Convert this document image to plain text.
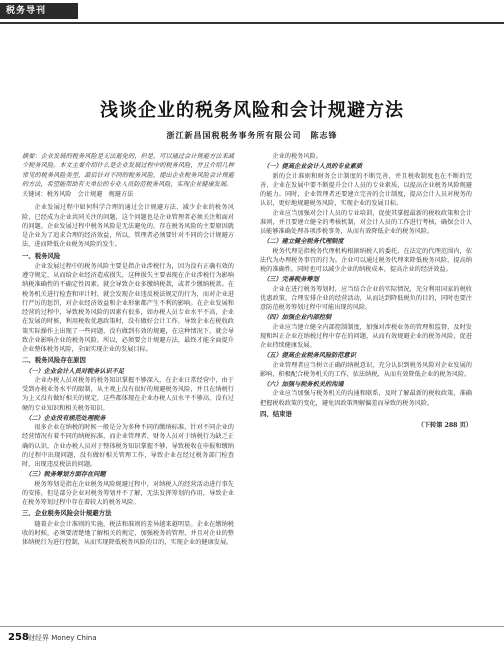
税务导刊
浅谈企业的税务风险和会计规避方法
浙江新昌国税税务事务所有限公司　陈志锋
摘要：企业发展的税务风险是无法避免的，但是，可以通过会计规避方法来减少税务风险。本文主要介绍什么是企业发展过程中的税务风险，并且介绍几种常见的税务风险类型，最后针对不同的税务风险，提出企业税务风险会计规避的方法，希望能帮助有关单位的专业人员防范税务风险，实现企业健康发展。
关键词：税务风险　会计规避　规避方法

企业发展过程中如何科学合理的通过会计规避方法、减少企业的税务风险，已经成为企业共同关注的问题，这个问题也是企业管理者必须关注和面对的问题。企业发展过程中税务风险是无法避免的，存在税务风险的主要原因就是企业为了追求合理的经济效益，所以，管理者必须要针对不同的会计规避方法，进而降低企业税务风险的发生。

一、税务风险

企业发展过程中的税务风险主要是指企业涉税行为，因为没有正确有效的遵守规定，从而给企业经济造成损失，这种损失主要表现在企业涉税行为影响纳税准确性的不确定性因素。就会导致企业多缴纳税款，或者少缴纳税款。在税务机关进行检查和审计时，就会发现企业违反税法规定的行为，而对企业进行严厉的惩罚，对企业经济效益和企业形象都产生不利的影响。在企业发展和经营的过程中，导致税务风险的因素有很多，如办税人员专业水平不高，企业在发展的时候，利用税收优惠政策时，没有做好会计工作，导致企业在税收政策实际操作上出现了一些问题，没有做到有效的规避，在这种情况下，就会导致企业影响企业的税务风险，所以，必须要会计规避方法，最终才能全面提升企业整体税务风险，全面实现企业的发展目标。

二、税务风险存在原因
（一）企业会计人员对税务认识不足

企业办税人员对税务的税务知识掌握不够深入，在企业日常经营中，由于受到办税业务水平的限制，从主观上没有很好的规避税务风险，并且在纳税行为上又没有做好相关的规定，这些都体现在企业办税人员水平不够高，没有过硬的专业知识和相关税务知识。

（二）企业没有规范处理税务

很多企业在纳税的时候一般是分为多种不同的缴纳标准，针对不同企业的经营情况有着不同的纳税标准，而企业管理者、财务人员对于纳税行为缺乏正确的认识，企业办税人员对于整体税务知识掌握不够，导致税收在申报和缴纳的过程中出现问题，没有做好相关管理工作，导致企业在经过税务部门检查时，出现违反税法的问题。

（三）税务筹划方面存在问题

税务筹划是指在企业税务风险规避过程中，对纳税人的经营活动进行事先的安排，但是部分企业对税务筹划并不了解，无法发挥筹划的作用，导致企业在税务筹划过程中存在着较大的税务风险。

三、企业税务风险会计规避方法

随着企业会计准则的实施，税法和准则的差异越来越明显。企业在缴纳税收的时候，必须要清楚地了解相关的规定，加强税务的管理，并且对企业的整体纳税行为进行控制，从而实现降低税务风险的目的，实现企业的健康发展。

企业的税务风险。

（一）提高企业会计人员的专业素质

新的会计准则和财务会计制度的不断完善，并且税收制度也在不断的完善，企业在发展中要不断提升会计人员的专业素质，以提高企业税务风险规避的能力。同时，企业管理者还要建立完善的会计制度，提高会计人员对税务的认识，更好地规避税务风险，实现企业的发展目标。

企业应当加强对会计人员的专业培训，促使其掌握最新的税收政策和会计准则，并且要建立健全的考核机制，对会计人员的工作进行考核，确保会计人员能够准确处理各项涉税事务，从而有效降低企业的税务风险。

（二）建立健全税务代理制度

税务代理是指税务代理机构根据纳税人的委托，在法定的代理范围内，依法代为办理税务事宜的行为。企业可以通过税务代理来降低税务风险，提高纳税的准确性，同时也可以减少企业的纳税成本，提高企业的经济效益。

（三）完善税务筹划

企业在进行税务筹划时，应当结合企业的实际情况，充分利用国家的税收优惠政策，合理安排企业的经营活动，从而达到降低税负的目的，同时也要注意防范税务筹划过程中可能出现的风险。

（四）加强企业内部控制

企业应当建立健全内部控制制度，加强对涉税业务的管理和监督，及时发现和纠正企业在纳税过程中存在的问题，从而有效规避企业的税务风险，促进企业持续健康发展。

（五）提高企业税务风险防范意识

企业管理者应当树立正确的纳税意识，充分认识到税务风险对企业发展的影响，积极配合税务机关的工作，依法纳税，从而有效降低企业的税务风险。

（六）加强与税务机关的沟通

企业应当加强与税务机关的沟通和联系，及时了解最新的税收政策，准确把握税收政策的变化，避免因政策理解偏差而导致的税务风险。

四、结束语
（下转第 288 页）
258 财经界 Money China
